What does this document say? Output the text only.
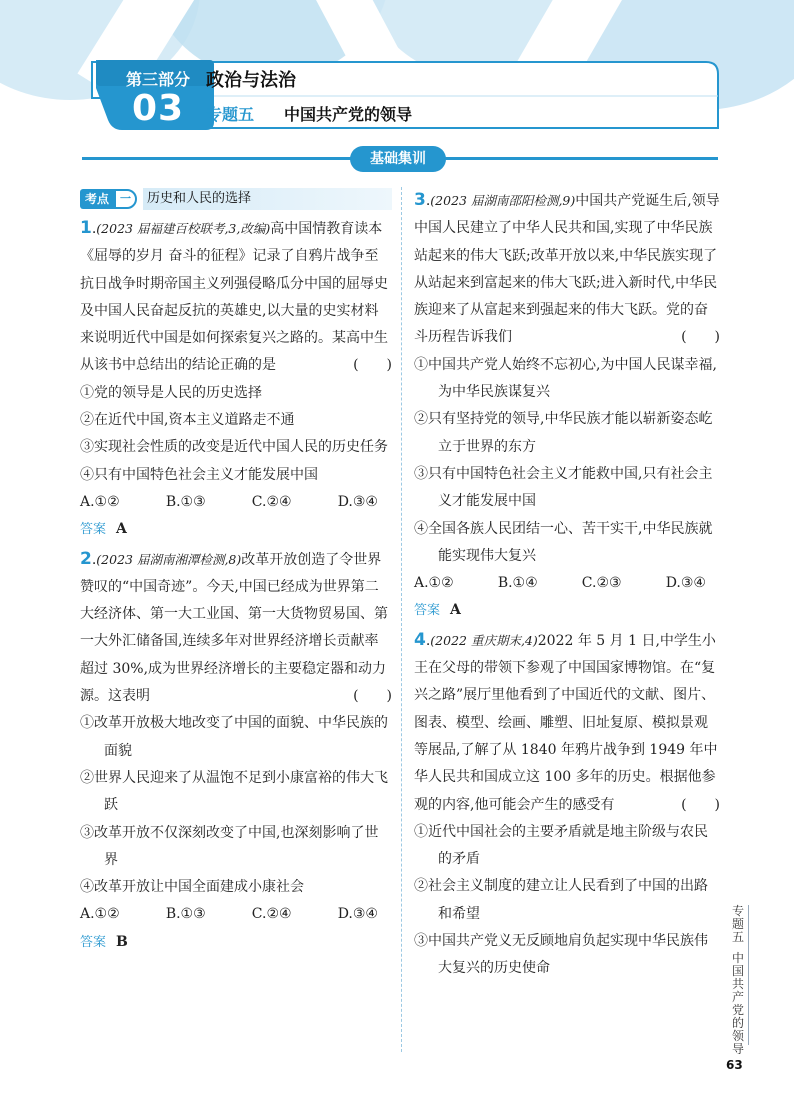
第三部分
03
政治与法治
专题五 中国共产党的领导
基础集训
考点	一	历史和人民的选择
1.(2023 届福建百校联考,3,改编)高中国情教育读本《屈辱的岁月 奋斗的征程》记录了自鸦片战争至抗日战争时期帝国主义列强侵略瓜分中国的屈辱史及中国人民奋起反抗的英雄史,以大量的史实材料来说明近代中国是如何探索复兴之路的。某高中生从该书中总结出的结论正确的是	(　　)
①党的领导是人民的历史选择
②在近代中国,资本主义道路走不通
③实现社会性质的改变是近代中国人民的历史任务
④只有中国特色社会主义才能发展中国
A.①②	B.①③	C.②④	D.③④
答案 A
2.(2023 届湖南湘潭检测,8)改革开放创造了令世界赞叹的“中国奇迹”。今天,中国已经成为世界第二大经济体、第一大工业国、第一大货物贸易国、第一大外汇储备国,连续多年对世界经济增长贡献率超过 30%,成为世界经济增长的主要稳定器和动力源。这表明	(　　)
①改革开放极大地改变了中国的面貌、中华民族的面貌
②世界人民迎来了从温饱不足到小康富裕的伟大飞跃
③改革开放不仅深刻改变了中国,也深刻影响了世界
④改革开放让中国全面建成小康社会
A.①②	B.①③	C.②④	D.③④
答案 B
3.(2023 届湖南邵阳检测,9)中国共产党诞生后,领导中国人民建立了中华人民共和国,实现了中华民族站起来的伟大飞跃;改革开放以来,中华民族实现了从站起来到富起来的伟大飞跃;进入新时代,中华民族迎来了从富起来到强起来的伟大飞跃。党的奋斗历程告诉我们	(　　)
①中国共产党人始终不忘初心,为中国人民谋幸福,为中华民族谋复兴
②只有坚持党的领导,中华民族才能以崭新姿态屹立于世界的东方
③只有中国特色社会主义才能救中国,只有社会主义才能发展中国
④全国各族人民团结一心、苦干实干,中华民族就能实现伟大复兴
A.①②	B.①④	C.②③	D.③④
答案 A
4.(2022 重庆期末,4)2022 年 5 月 1 日,中学生小王在父母的带领下参观了中国国家博物馆。在“复兴之路”展厅里他看到了中国近代的文献、图片、图表、模型、绘画、雕塑、旧址复原、模拟景观等展品,了解了从 1840 年鸦片战争到 1949 年中华人民共和国成立这 100 多年的历史。根据他参观的内容,他可能会产生的感受有	(　　)
①近代中国社会的主要矛盾就是地主阶级与农民的矛盾
②社会主义制度的建立让人民看到了中国的出路和希望
③中国共产党义无反顾地肩负起实现中华民族伟大复兴的历史使命
专题五
中国共产党的领导
63
